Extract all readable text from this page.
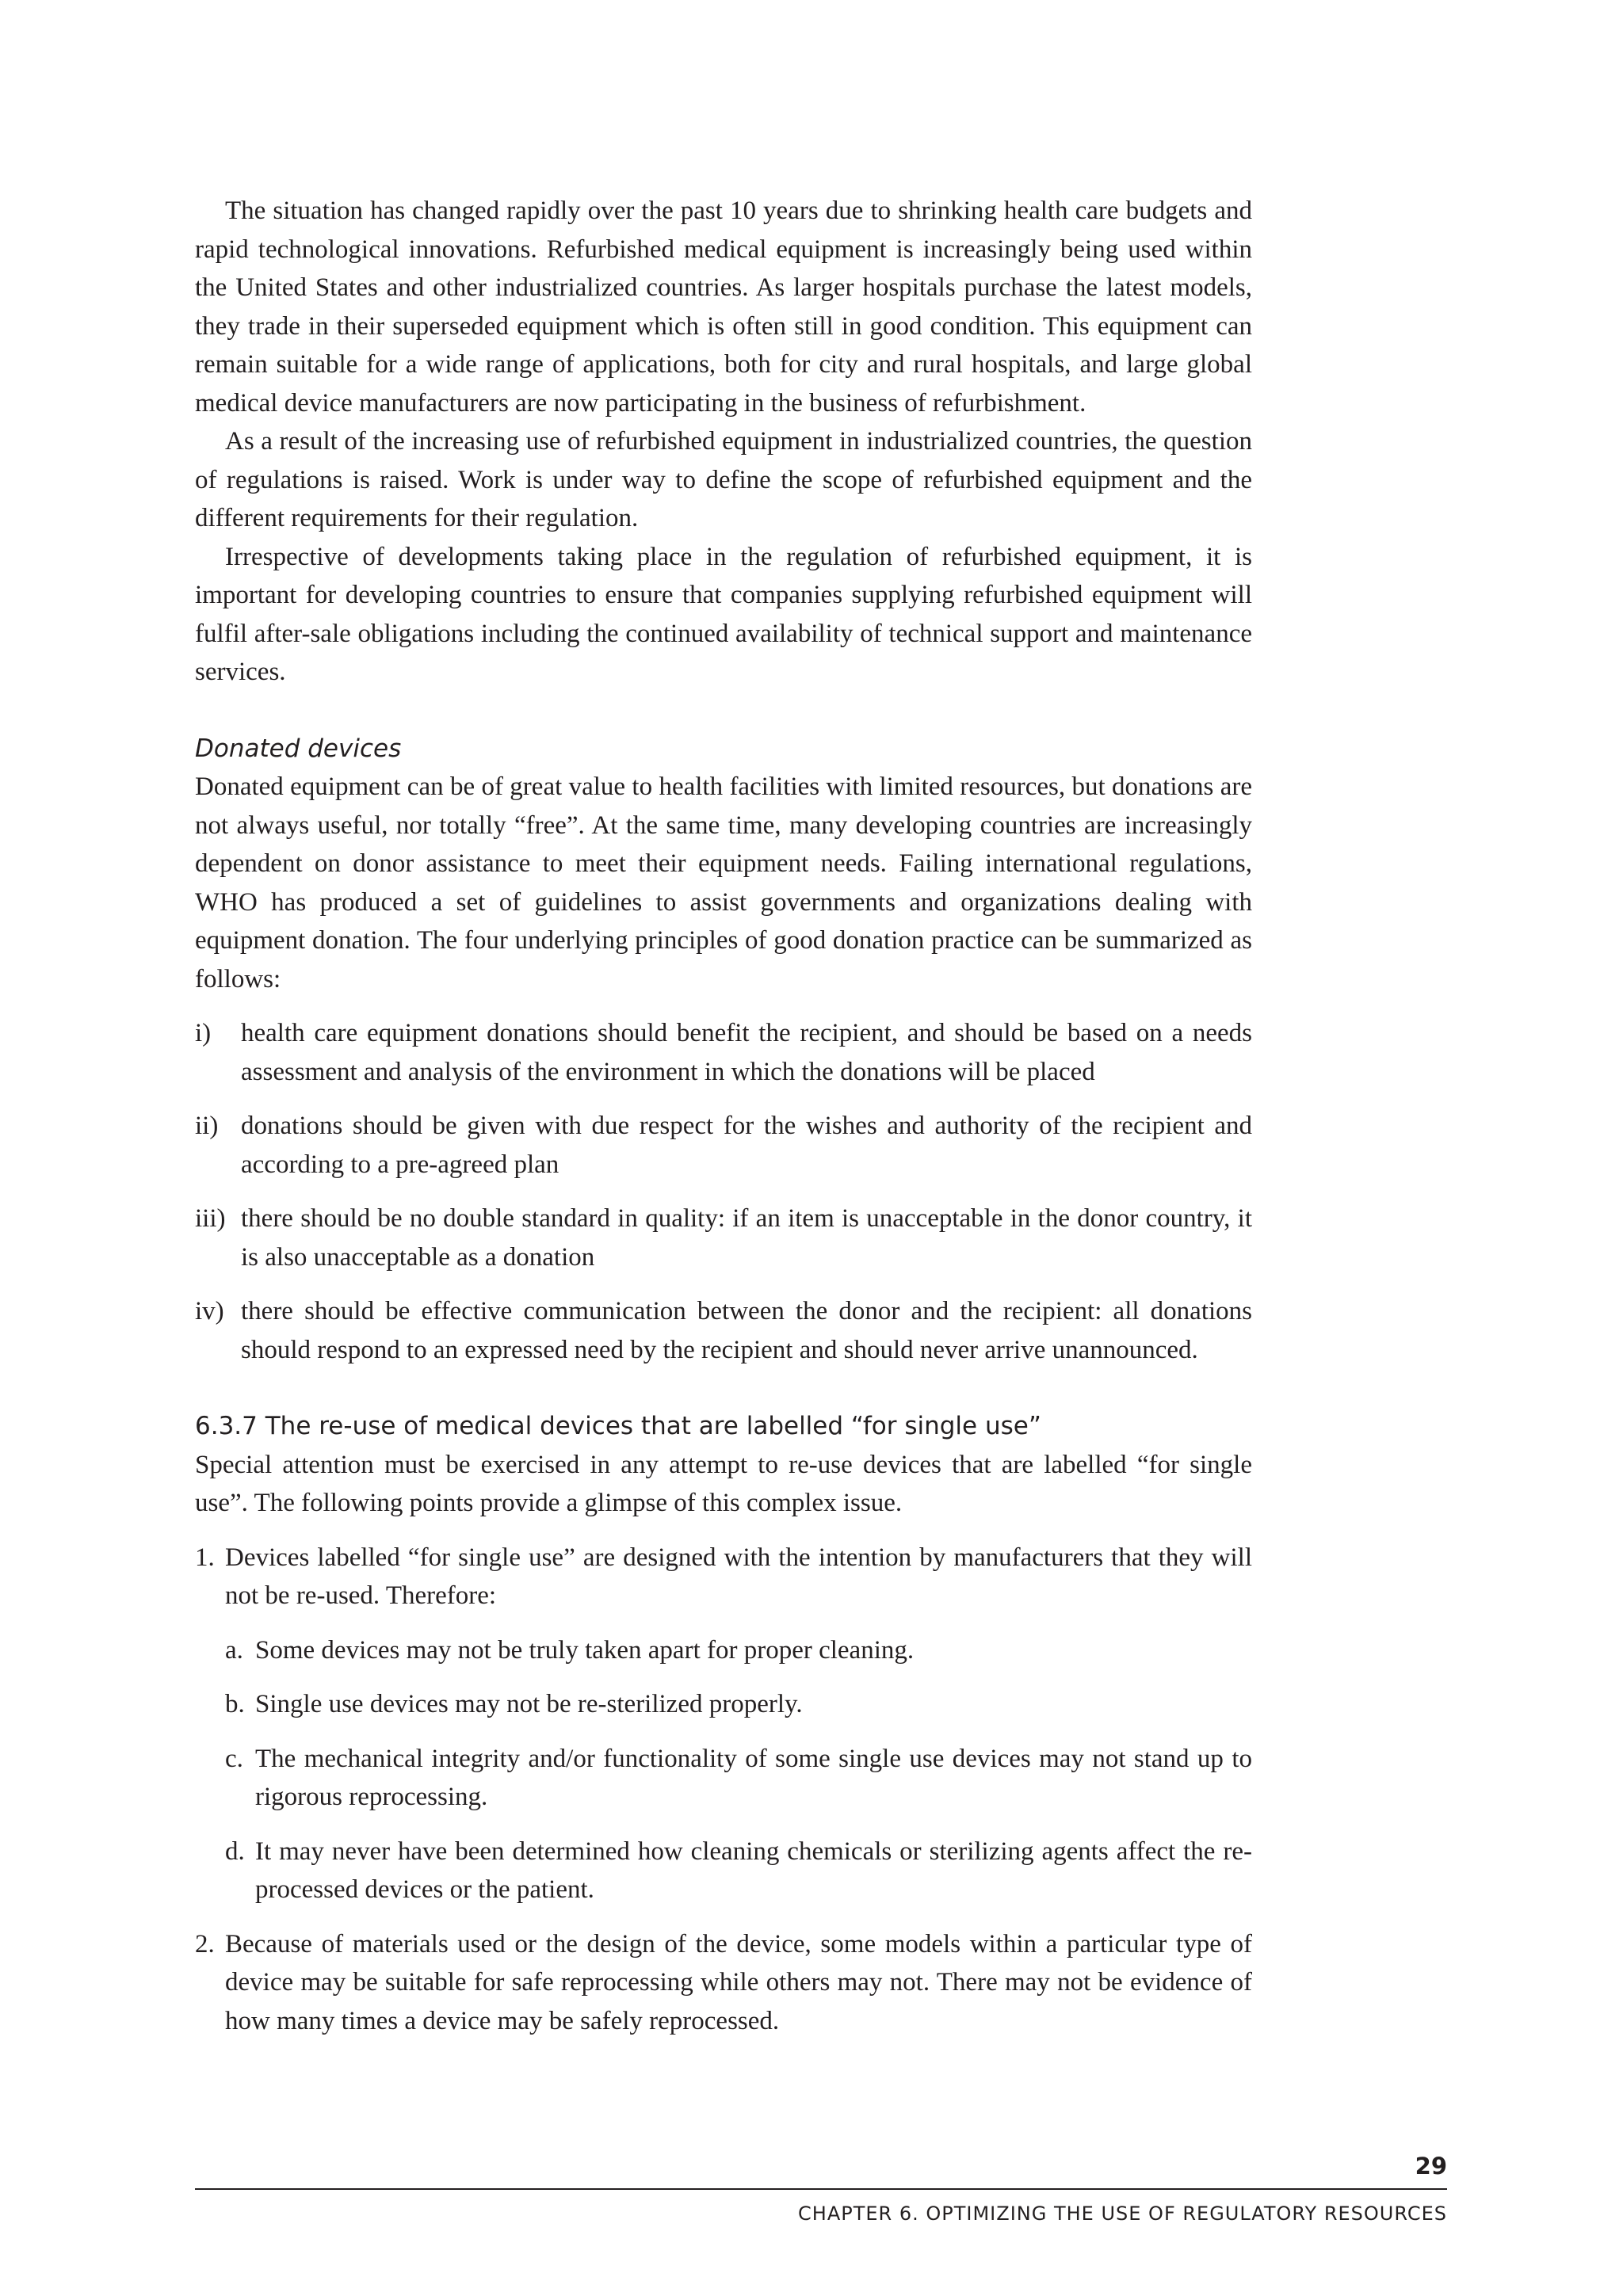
The situation has changed rapidly over the past 10 years due to shrinking health care budgets and rapid technological innovations. Refurbished medical equipment is increasingly being used within the United States and other industrialized countries. As larger hospitals purchase the latest models, they trade in their superseded equipment which is often still in good condition. This equipment can remain suitable for a wide range of applications, both for city and rural hospitals, and large global medical device manufacturers are now participating in the business of refurbishment.

As a result of the increasing use of refurbished equipment in industrialized countries, the question of regulations is raised. Work is under way to define the scope of refurbished equipment and the different requirements for their regulation.

Irrespective of developments taking place in the regulation of refurbished equipment, it is important for developing countries to ensure that companies supplying refurbished equipment will fulfil after-sale obligations including the continued availability of technical support and maintenance services.

Donated devices

Donated equipment can be of great value to health facilities with limited resources, but donations are not always useful, nor totally “free”. At the same time, many developing countries are increasingly dependent on donor assistance to meet their equipment needs. Failing international regulations, WHO has produced a set of guidelines to assist governments and organizations dealing with equipment donation. The four underlying principles of good donation practice can be summarized as follows:

i) health care equipment donations should benefit the recipient, and should be based on a needs assessment and analysis of the environment in which the donations will be placed
ii) donations should be given with due respect for the wishes and authority of the recipient and according to a pre-agreed plan
iii) there should be no double standard in quality: if an item is unacceptable in the donor country, it is also unacceptable as a donation
iv) there should be effective communication between the donor and the recipient: all donations should respond to an expressed need by the recipient and should never arrive unannounced.
6.3.7 The re-use of medical devices that are labelled “for single use”

Special attention must be exercised in any attempt to re-use devices that are labelled “for single use”. The following points provide a glimpse of this complex issue.

1. Devices labelled “for single use” are designed with the intention by manufacturers that they will not be re-used. Therefore:
a. Some devices may not be truly taken apart for proper cleaning.
b. Single use devices may not be re-sterilized properly.
c. The mechanical integrity and/or functionality of some single use devices may not stand up to rigorous reprocessing.
d. It may never have been determined how cleaning chemicals or sterilizing agents affect the re-processed devices or the patient.
2. Because of materials used or the design of the device, some models within a particular type of device may be suitable for safe reprocessing while others may not. There may not be evidence of how many times a device may be safely reprocessed.
29
CHAPTER 6. OPTIMIZING THE USE OF REGULATORY RESOURCES
